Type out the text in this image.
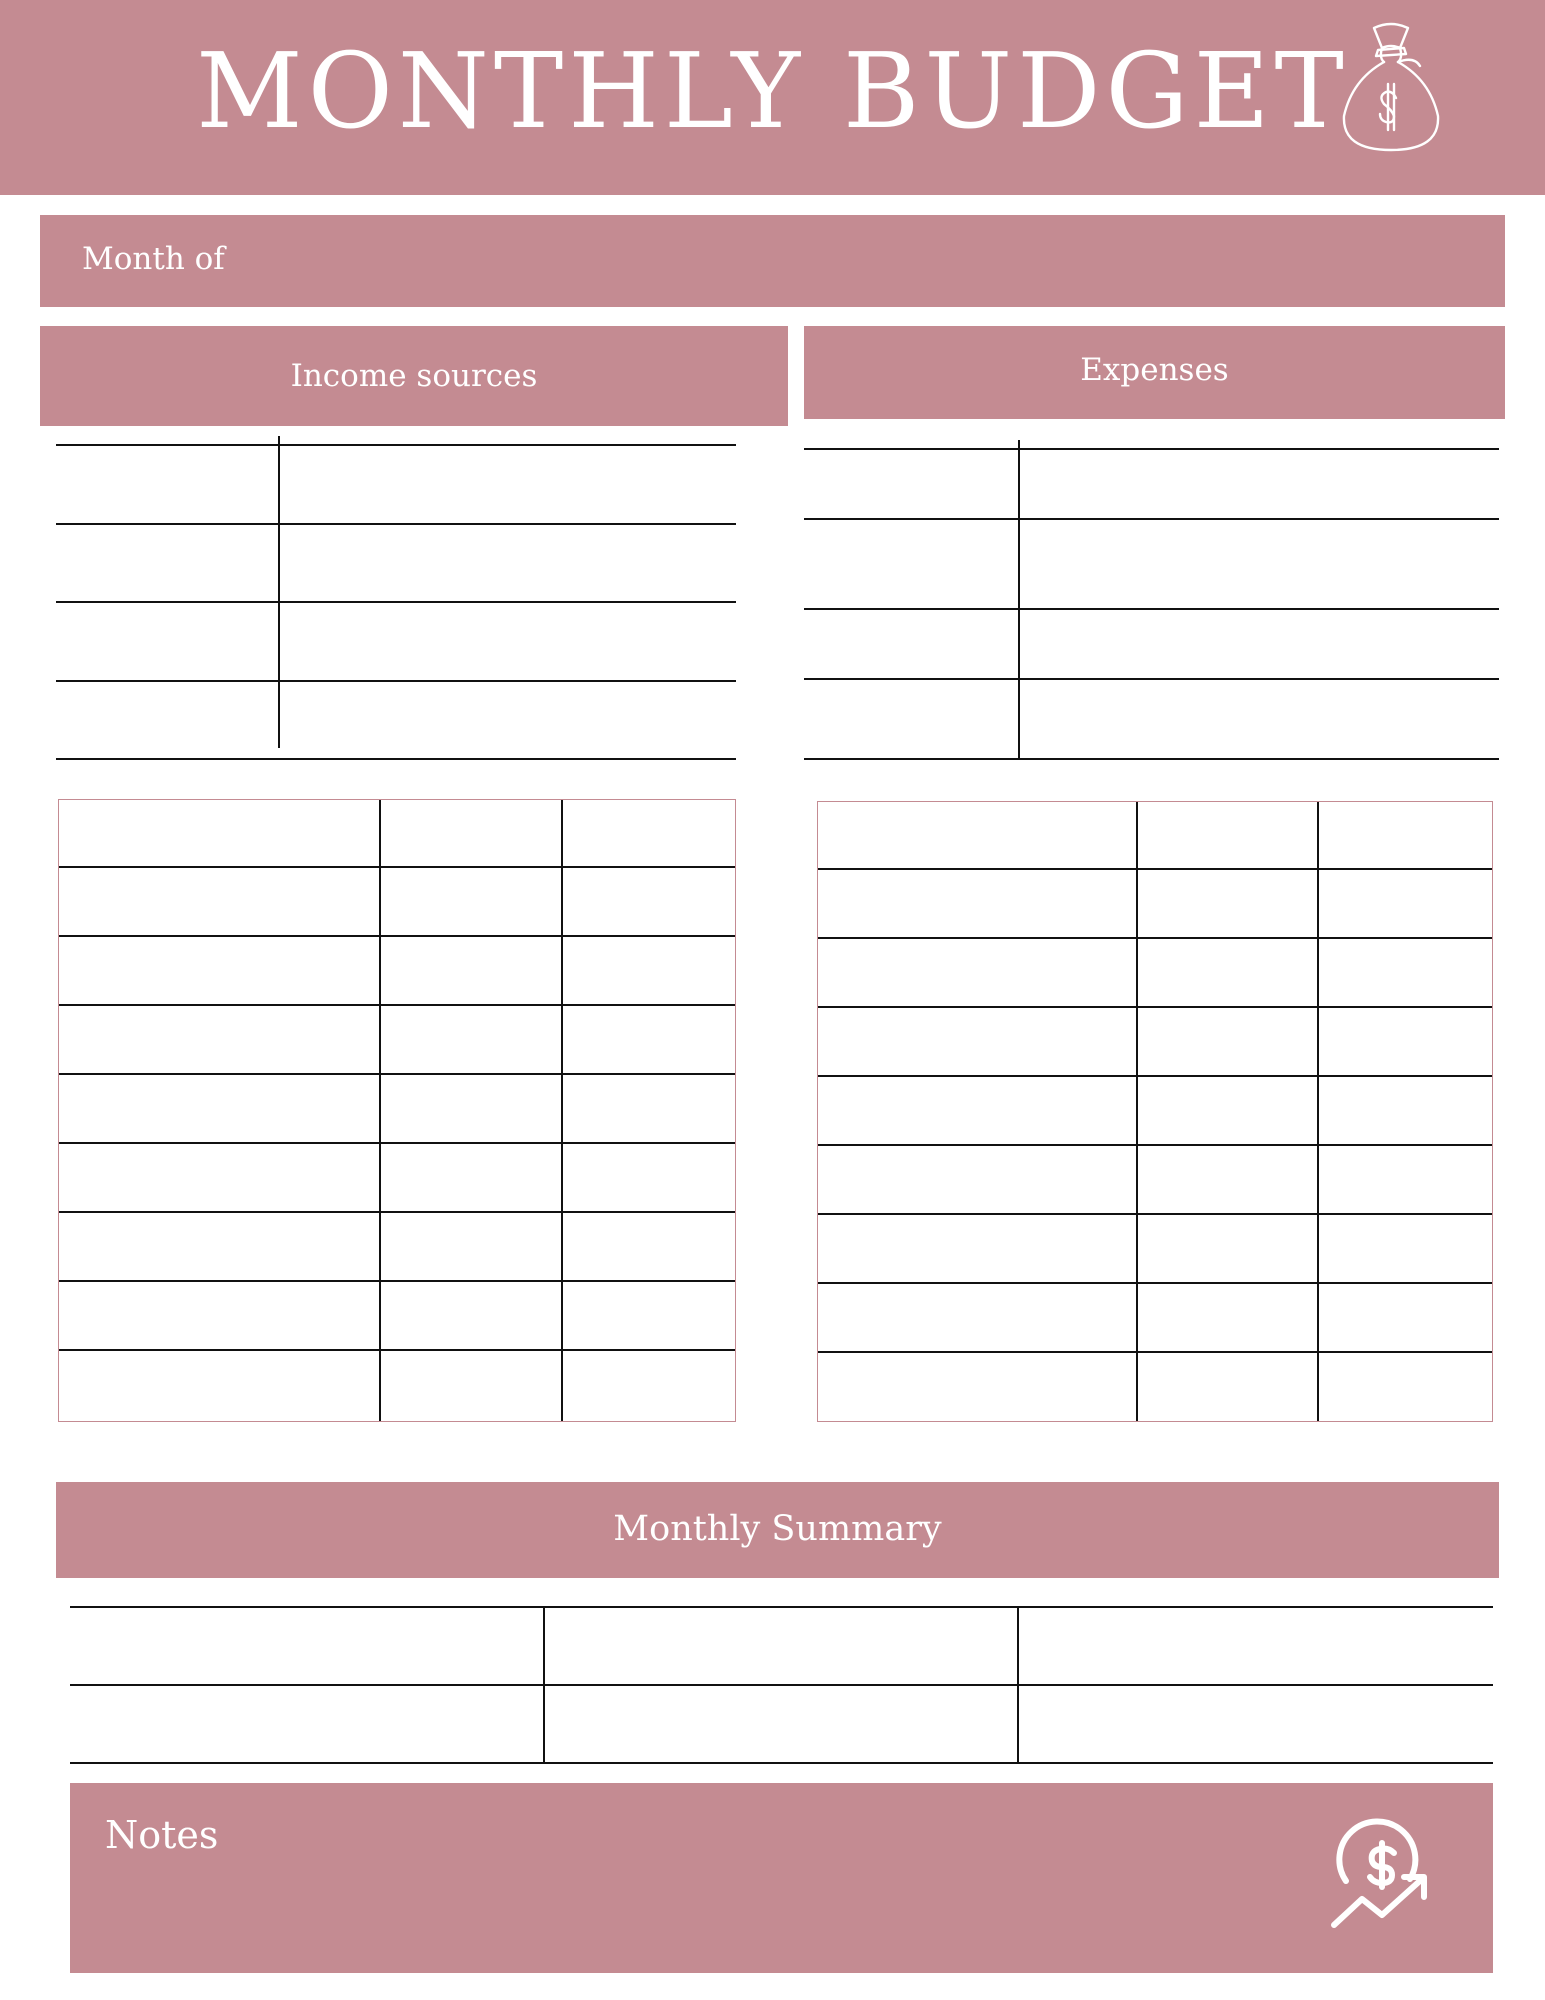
MONTHLY BUDGET
Month of
Income sources	Expenses
Monthly Summary
Notes
